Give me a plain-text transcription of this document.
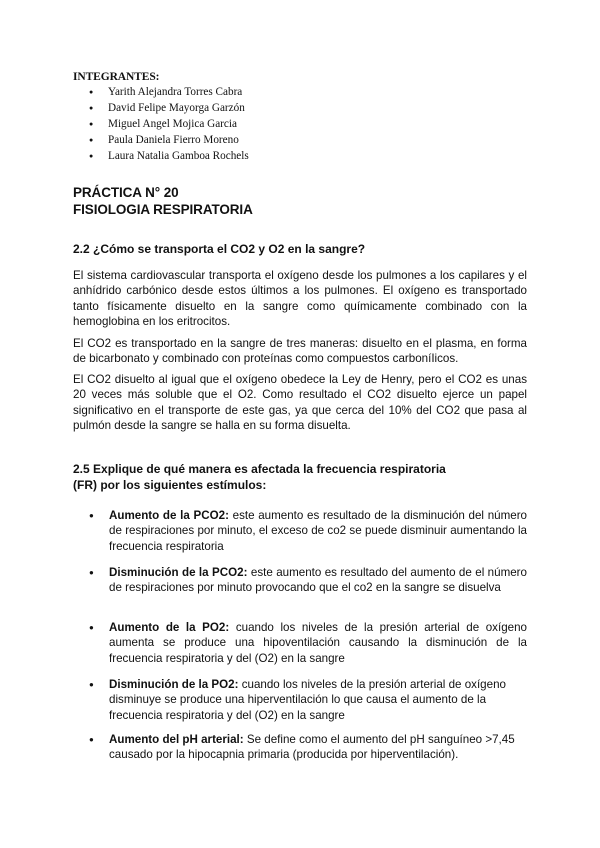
INTEGRANTES:
● Yarith Alejandra Torres Cabra
● David Felipe Mayorga Garzón
● Miguel Angel Mojica Garcia
● Paula Daniela Fierro Moreno
● Laura Natalia Gamboa Rochels
PRÁCTICA N° 20
FISIOLOGIA RESPIRATORIA
2.2 ¿Cómo se transporta el CO2 y O2 en la sangre?

El sistema cardiovascular transporta el oxígeno desde los pulmones a los capilares y el anhídrido carbónico desde estos últimos a los pulmones. El oxígeno es transportado tanto físicamente disuelto en la sangre como químicamente combinado con la hemoglobina en los eritrocitos.

El CO2 es transportado en la sangre de tres maneras: disuelto en el plasma, en forma de bicarbonato y combinado con proteínas como compuestos carboníIicos.

El CO2 disuelto al igual que el oxígeno obedece la Ley de Henry, pero el CO2 es unas 20 veces más soluble que el O2. Como resultado el CO2 disuelto ejerce un papel significativo en el transporte de este gas, ya que cerca del 10% del CO2 que pasa al pulmón desde la sangre se halla en su forma disuelta.

2.5 Explique de qué manera es afectada la frecuencia respiratoria
(FR) por los siguientes estímulos:
● Aumento de la PCO2: este aumento es resultado de la disminución del número de respiraciones por minuto, el exceso de co2 se puede disminuir aumentando la frecuencia respiratoria
● Disminución de la PCO2: este aumento es resultado del aumento de el número de respiraciones por minuto provocando que el co2 en la sangre se disuelva
● Aumento de la PO2: cuando los niveles de la presión arterial de oxígeno aumenta se produce una hipoventilación causando la disminución de la frecuencia respiratoria y del (O2) en la sangre
● Disminución de la PO2: cuando los niveles de la presión arterial de oxígeno disminuye se produce una hiperventilación lo que causa el aumento de la frecuencia respiratoria y del (O2) en la sangre
● Aumento del pH arterial: Se define como el aumento del pH sanguíneo >7,45 causado por la hipocapnia primaria (producida por hiperventilación).
